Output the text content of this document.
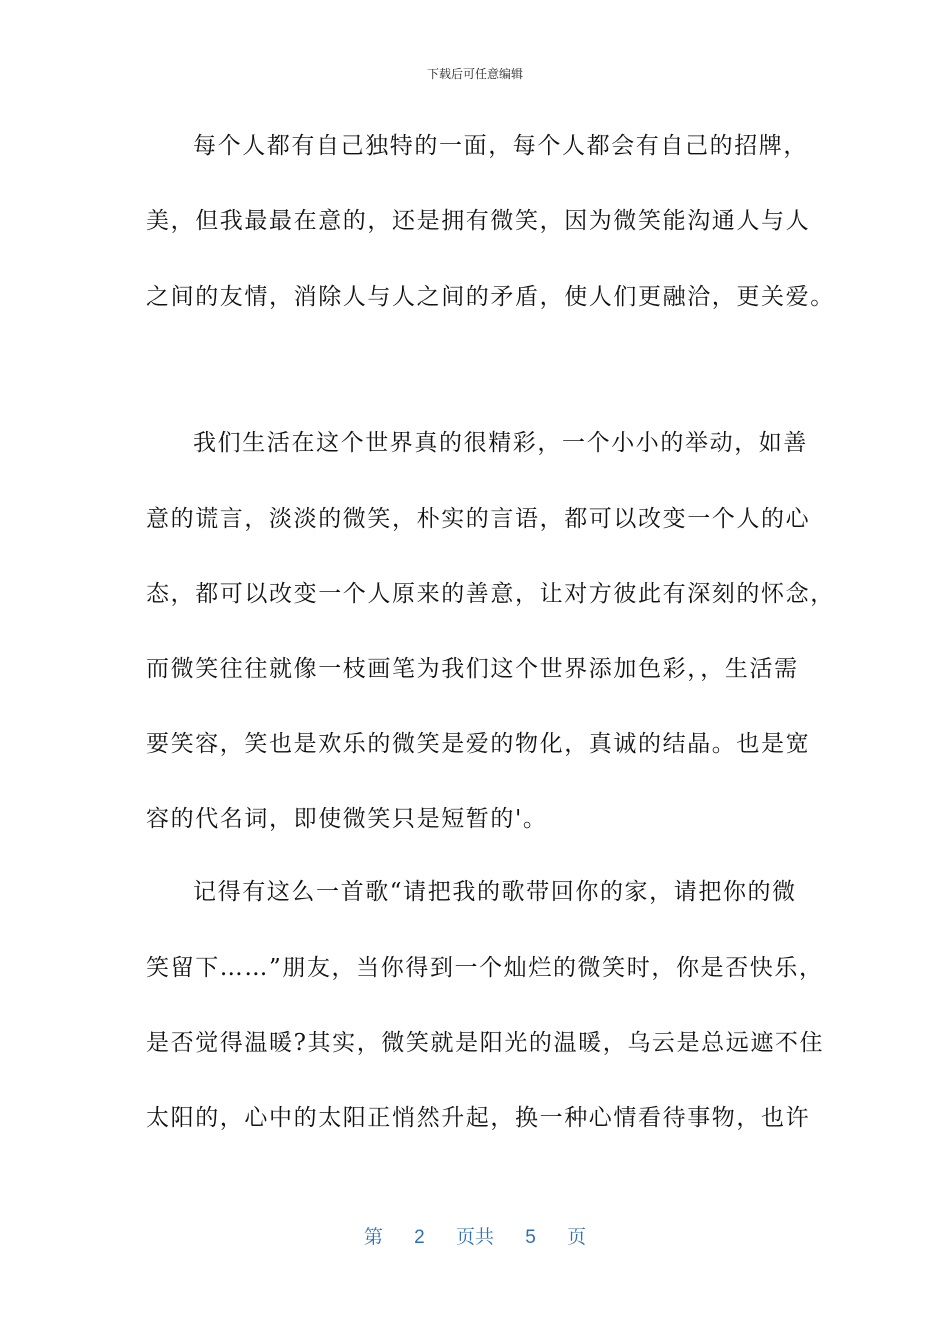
下载后可任意编辑
每个人都有自己独特的一面，每个人都会有自己的招牌，
美，但我最最在意的，还是拥有微笑，因为微笑能沟通人与人
之间的友情，消除人与人之间的矛盾，使人们更融洽，更关爱。
我们生活在这个世界真的很精彩，一个小小的举动，如善
意的谎言，淡淡的微笑，朴实的言语，都可以改变一个人的心
态，都可以改变一个人原来的善意，让对方彼此有深刻的怀念，
而微笑往往就像一枝画笔为我们这个世界添加色彩，，生活需
要笑容，笑也是欢乐的微笑是爱的物化，真诚的结晶。也是宽
容的代名词，即使微笑只是短暂的'。
记得有这么一首歌“请把我的歌带回你的家，请把你的微
笑留下……”朋友，当你得到一个灿烂的微笑时，你是否快乐，
是否觉得温暖?其实，微笑就是阳光的温暖，乌云是总远遮不住
太阳的，心中的太阳正悄然升起，换一种心情看待事物，也许
第 2 页共 5 页
